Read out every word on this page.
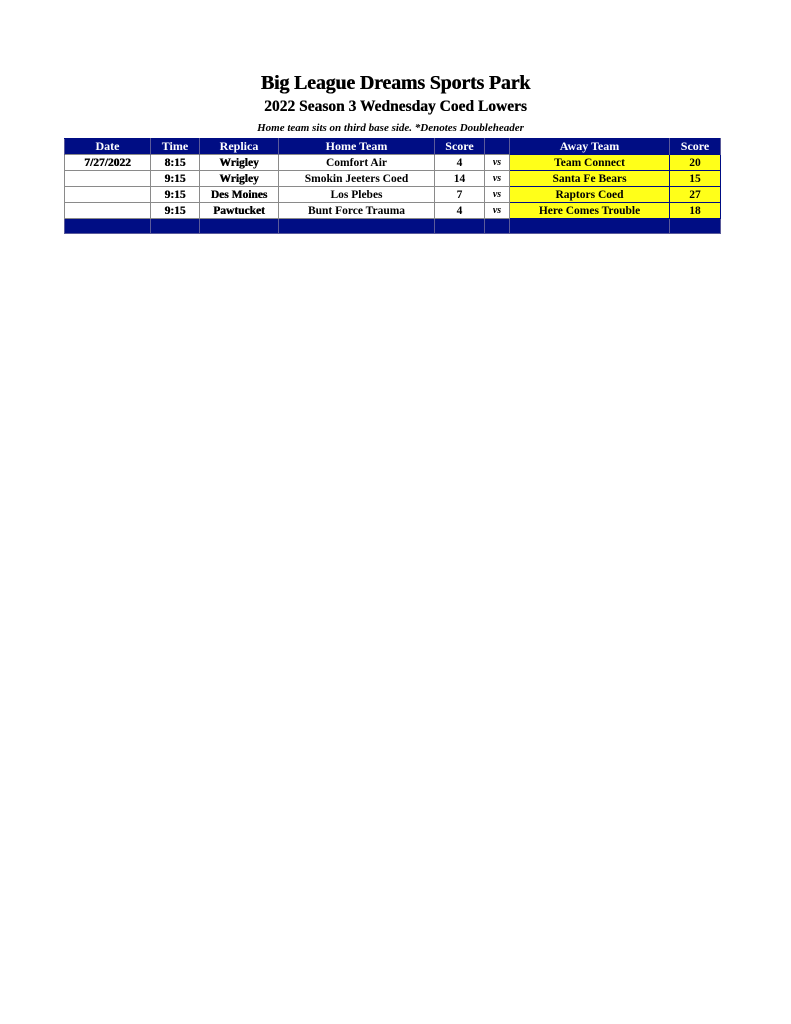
Big League Dreams Sports Park
2022 Season 3 Wednesday Coed Lowers
Home team sits on third base side. *Denotes Doubleheader
Date	Time	Replica	Home Team	Score		Away Team	Score
7/27/2022	8:15	Wrigley	Comfort Air	4	vs	Team Connect	20
	9:15	Wrigley	Smokin Jeeters Coed	14	vs	Santa Fe Bears	15
	9:15	Des Moines	Los Plebes	7	vs	Raptors Coed	27
	9:15	Pawtucket	Bunt Force Trauma	4	vs	Here Comes Trouble	18
